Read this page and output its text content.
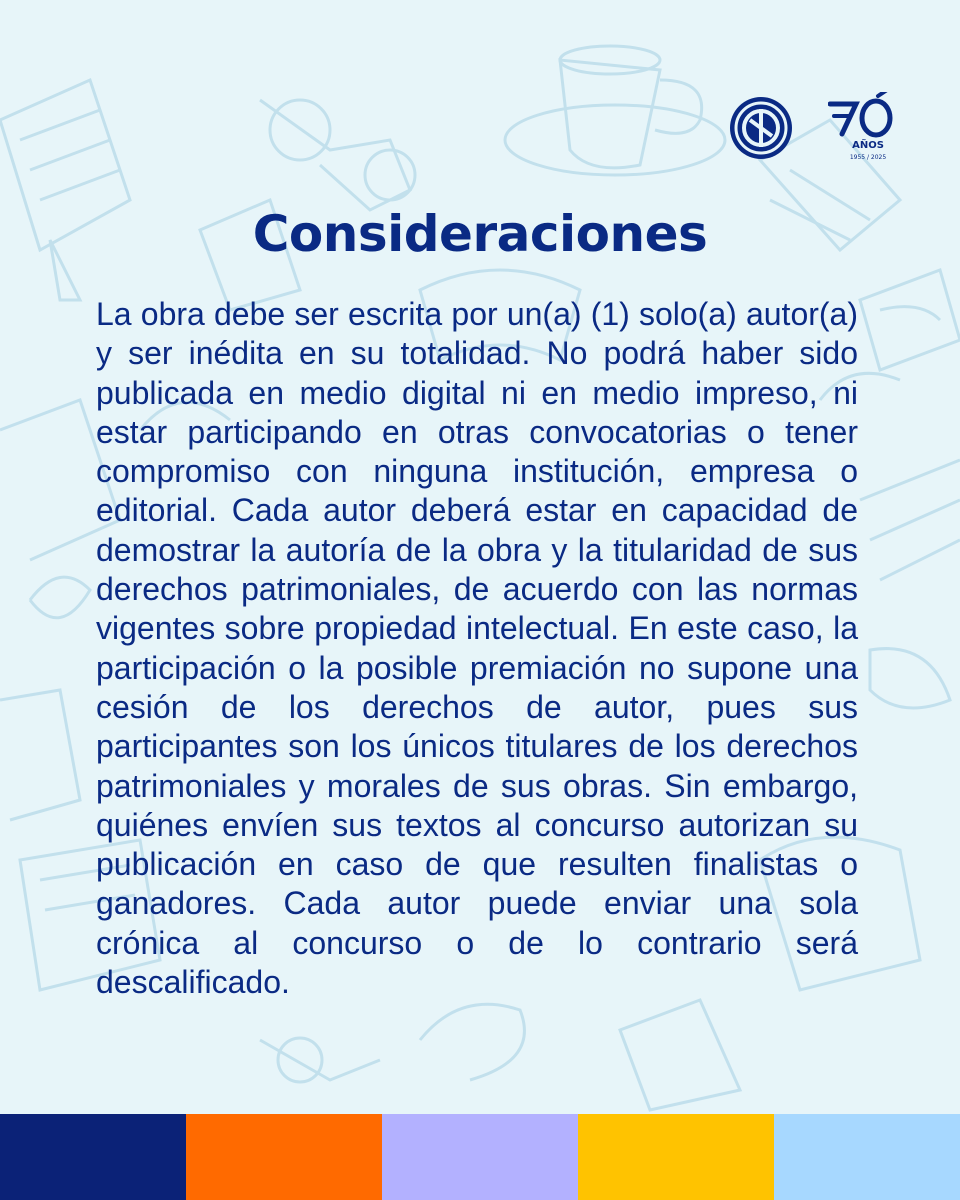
AÑOS
1955 / 2025
Consideraciones

La obra debe ser escrita por un(a) (1) solo(a) autor(a) y ser inédita en su totalidad. No podrá haber sido publicada en medio digital ni en medio impreso, ni estar participando en otras convocatorias o tener compromiso con ninguna institución, empresa o editorial. Cada autor deberá estar en capacidad de demostrar la autoría de la obra y la titularidad de sus derechos patrimoniales, de acuerdo con las normas vigentes sobre propiedad intelectual. En este caso, la participación o la posible premiación no supone una cesión de los derechos de autor, pues sus participantes son los únicos titulares de los derechos patrimoniales y morales de sus obras. Sin embargo, quiénes envíen sus textos al concurso autorizan su publicación en caso de que resulten finalistas o ganadores. Cada autor puede enviar una sola crónica al concurso o de lo contrario será descalificado.
